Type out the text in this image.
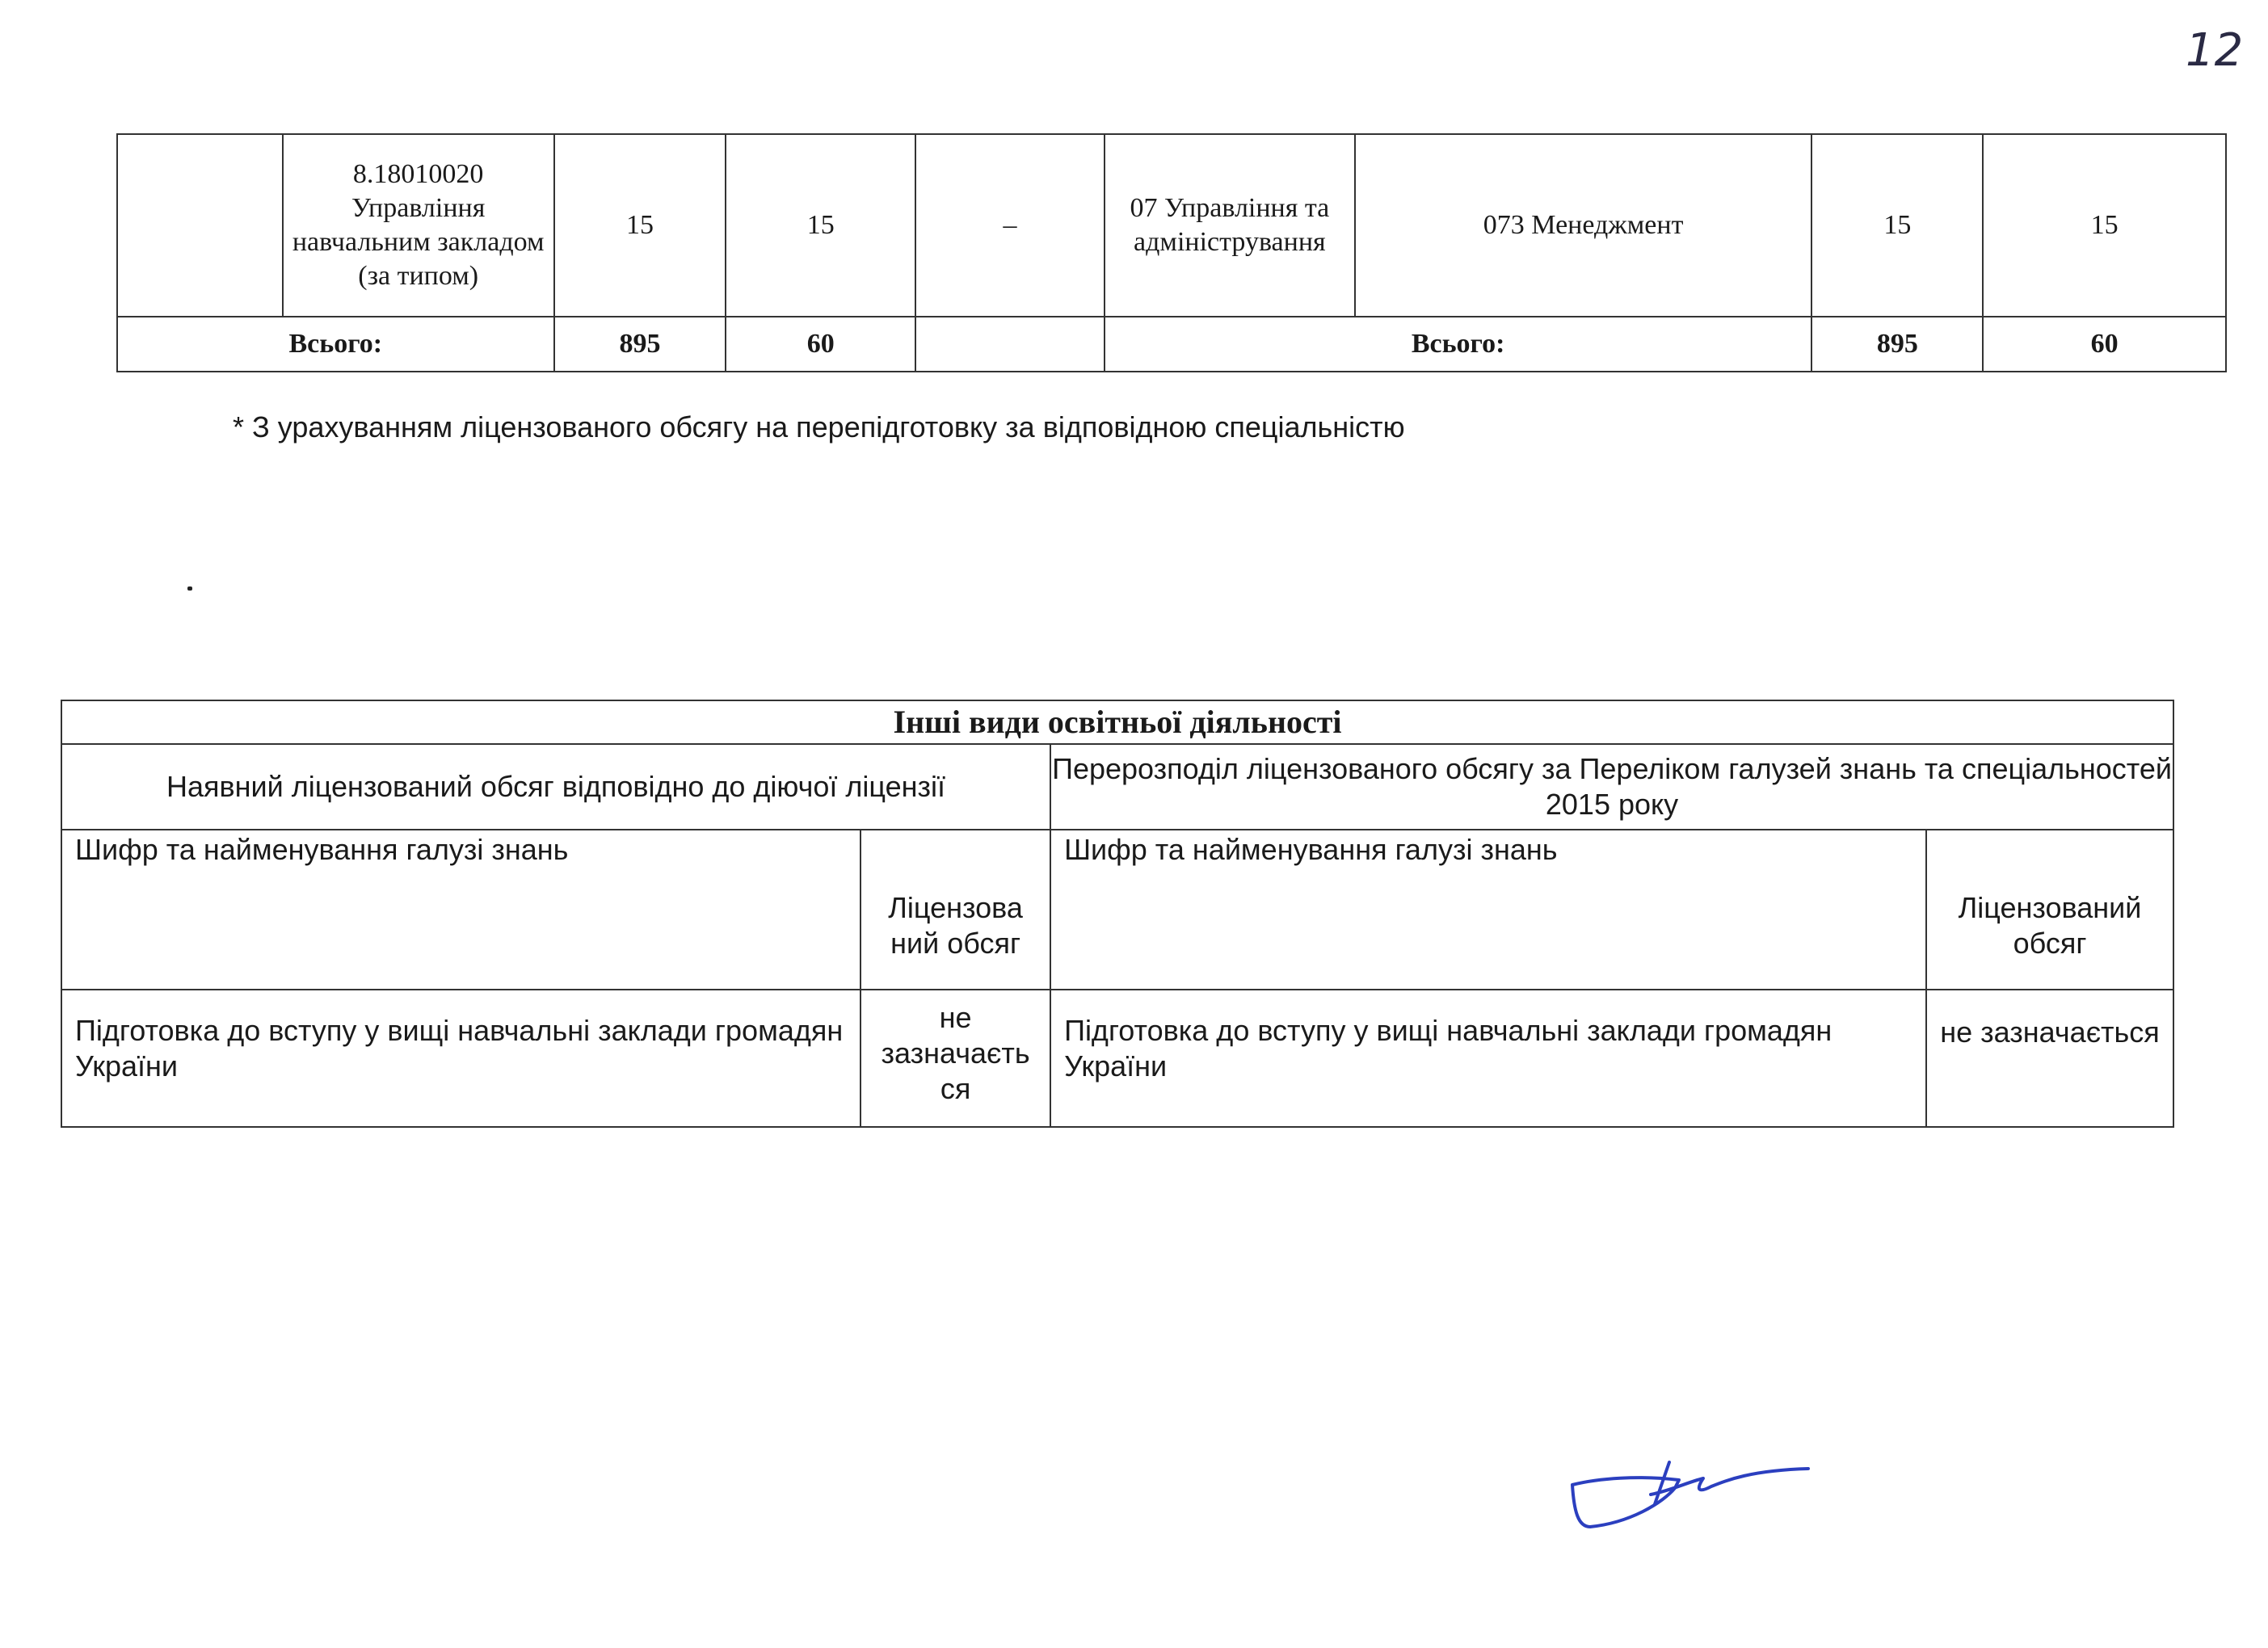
12
	8.18010020 Управління навчальним закладом (за типом)	15	15	–	07 Управління та адміністрування	073 Менеджмент	15	15
Всього:		895	60		Всього:		895	60
* З урахуванням ліцензованого обсягу на перепідготовку за відповідною спеціальністю
Інші види освітньої діяльності			
Наявний ліцензований обсяг відповідно до діючої ліцензії		Перерозподіл ліцензованого обсягу за Переліком галузей знань та спеціальностей 2015 року	
Шифр та найменування галузі знань	Ліцензова ний обсяг	Шифр та найменування галузі знань	Ліцензований обсяг
Підготовка до вступу у вищі навчальні заклади громадян України	не зазначаєть ся	Підготовка до вступу у вищі навчальні заклади громадян України	не зазначається
